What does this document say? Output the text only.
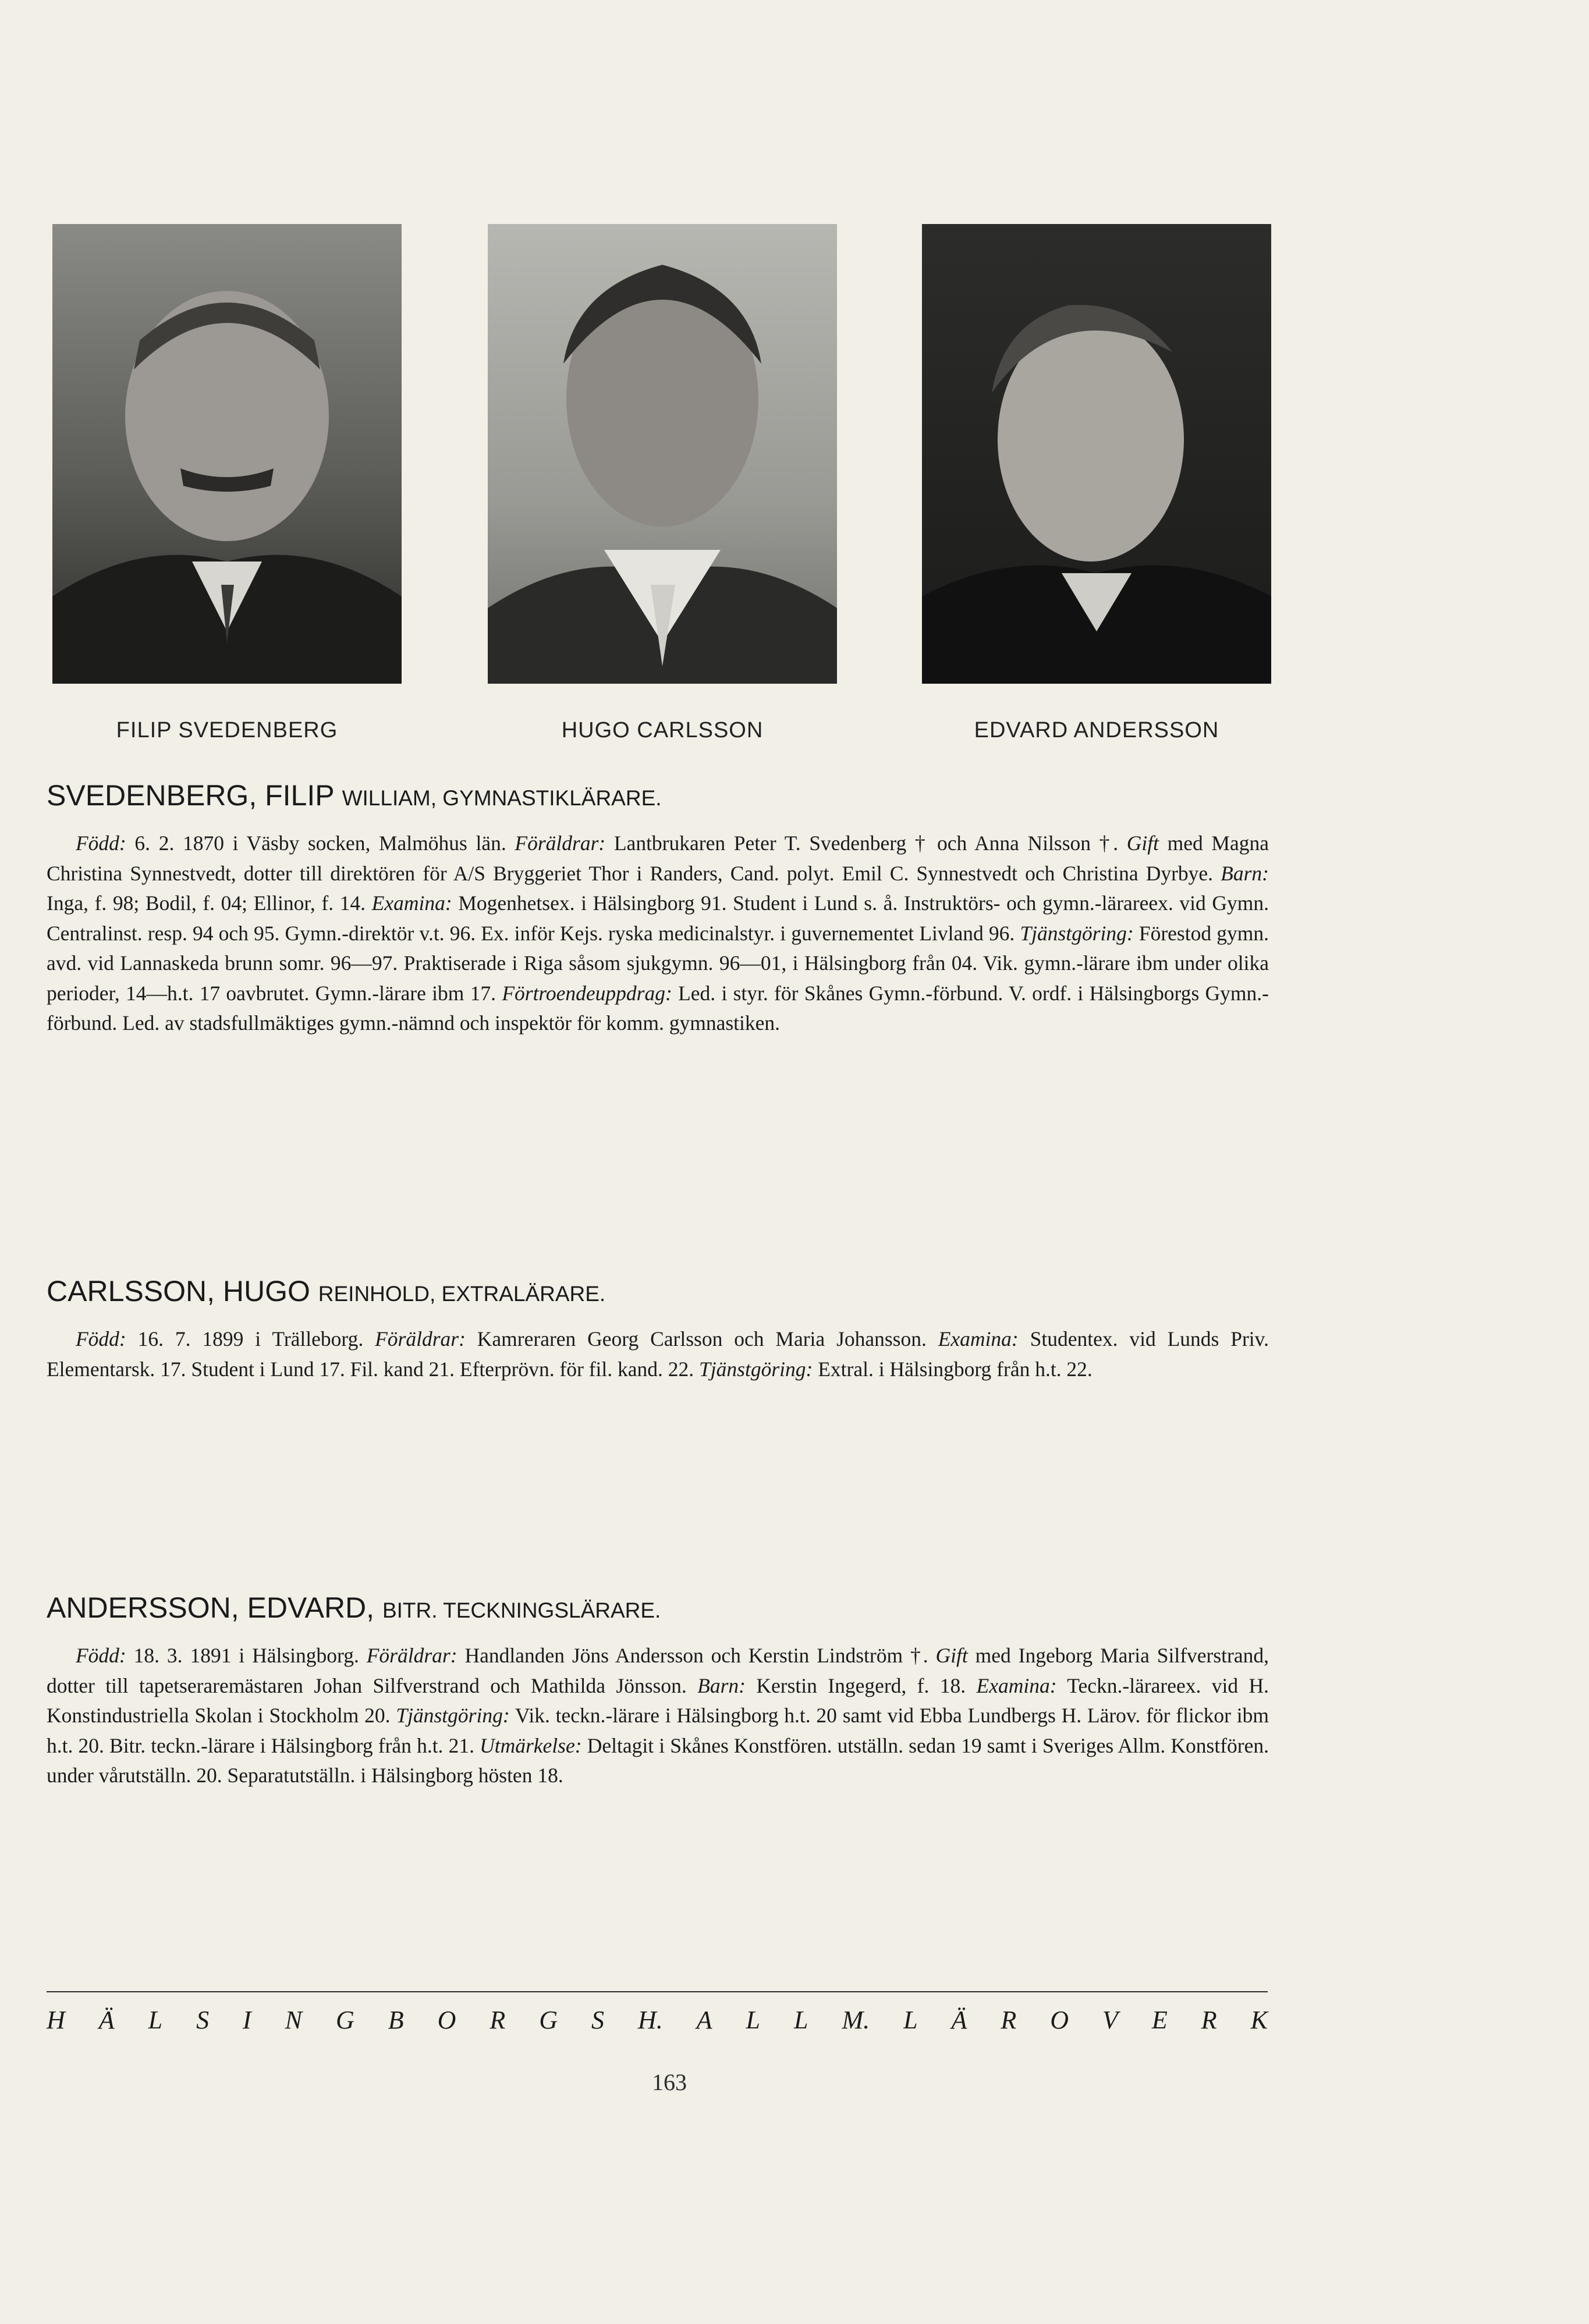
FILIP SVEDENBERG	HUGO CARLSSON	EDVARD ANDERSSON

SVEDENBERG, FILIP WILLIAM, GYMNASTIKLÄRARE.

Född: 6. 2. 1870 i Väsby socken, Malmöhus län. Föräldrar: Lantbrukaren Peter T. Svedenberg † och Anna Nilsson †. Gift med Magna Christina Synnestvedt, dotter till direktören för A/S Bryggeriet Thor i Randers, Cand. polyt. Emil C. Synnestvedt och Christina Dyrbye. Barn: Inga, f. 98; Bodil, f. 04; Ellinor, f. 14. Examina: Mogenhetsex. i Hälsingborg 91. Student i Lund s. å. Instruktörs- och gymn.-lärareex. vid Gymn. Centralinst. resp. 94 och 95. Gymn.-direktör v.t. 96. Ex. inför Kejs. ryska medicinalstyr. i guvernementet Livland 96. Tjänstgöring: Förestod gymn. avd. vid Lannaskeda brunn somr. 96—97. Praktiserade i Riga såsom sjukgymn. 96—01, i Hälsingborg från 04. Vik. gymn.-lärare ibm under olika perioder, 14—h.t. 17 oavbrutet. Gymn.-lärare ibm 17. Förtroendeuppdrag: Led. i styr. för Skånes Gymn.-förbund. V. ordf. i Hälsingborgs Gymn.-förbund. Led. av stadsfullmäktiges gymn.-nämnd och inspektör för komm. gymnastiken.

CARLSSON, HUGO REINHOLD, EXTRALÄRARE.

Född: 16. 7. 1899 i Trälleborg. Föräldrar: Kamreraren Georg Carlsson och Maria Johansson. Examina: Studentex. vid Lunds Priv. Elementarsk. 17. Student i Lund 17. Fil. kand 21. Efterprövn. för fil. kand. 22. Tjänstgöring: Extral. i Hälsingborg från h.t. 22.

ANDERSSON, EDVARD, BITR. TECKNINGSLÄRARE.

Född: 18. 3. 1891 i Hälsingborg. Föräldrar: Handlanden Jöns Andersson och Kerstin Lindström †. Gift med Ingeborg Maria Silfverstrand, dotter till tapetseraremästaren Johan Silfverstrand och Mathilda Jönsson. Barn: Kerstin Ingegerd, f. 18. Examina: Teckn.-lärareex. vid H. Konstindustriella Skolan i Stockholm 20. Tjänstgöring: Vik. teckn.-lärare i Hälsingborg h.t. 20 samt vid Ebba Lundbergs H. Lärov. för flickor ibm h.t. 20. Bitr. teckn.-lärare i Hälsingborg från h.t. 21. Utmärkelse: Deltagit i Skånes Konstfören. utställn. sedan 19 samt i Sveriges Allm. Konstfören. under vårutställn. 20. Separatutställn. i Hälsingborg hösten 18.

H Ä L S I N G B O R G S H. A L L M. L Ä R O V E R K
163
